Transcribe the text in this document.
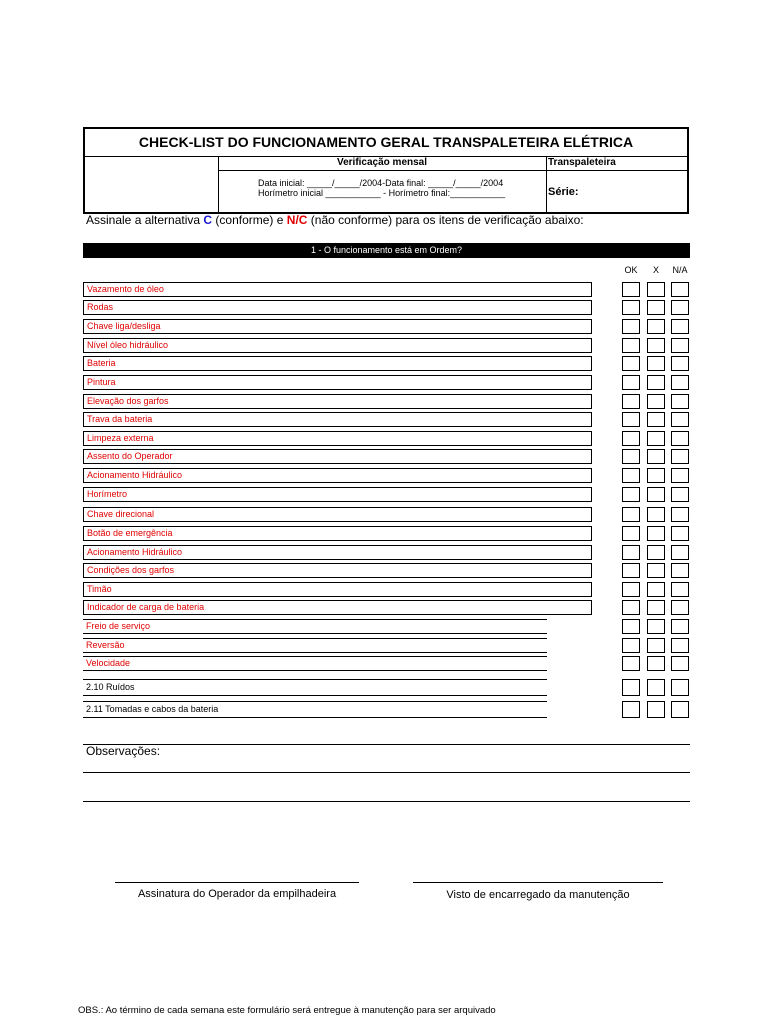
CHECK-LIST DO FUNCIONAMENTO GERAL TRANSPALETEIRA ELÉTRICA
Verificação mensal	Transpaleteira
Data inicial: _____/_____/2004-Data final: _____/_____/2004
Horímetro inicial ___________ - Horímetro final:___________	Série:
Assinale a alternativa C (conforme) e N/C (não conforme) para os itens de verificação abaixo:
1 - O funcionamento está em Ordem?
OK	X	N/A
Vazamento de óleo
Rodas
Chave liga/desliga
Nível óleo hidráulico
Bateria
Pintura
Elevação dos garfos
Trava da bateria
Limpeza externa
Assento do Operador
Acionamento Hidráulico
Horímetro
Chave direcional
Botão de emergência
Acionamento Hidráulico
Condições dos garfos
Timão
Indicador de carga de bateria
Freio de serviço
Reversão
Velocidade
2.10 Ruídos
2.11 Tomadas e cabos da bateria
Observações:
Assinatura do Operador da empilhadeira	Visto de encarregado da manutenção
OBS.: Ao término de cada semana este formulário será entregue à manutenção para ser arquivado
